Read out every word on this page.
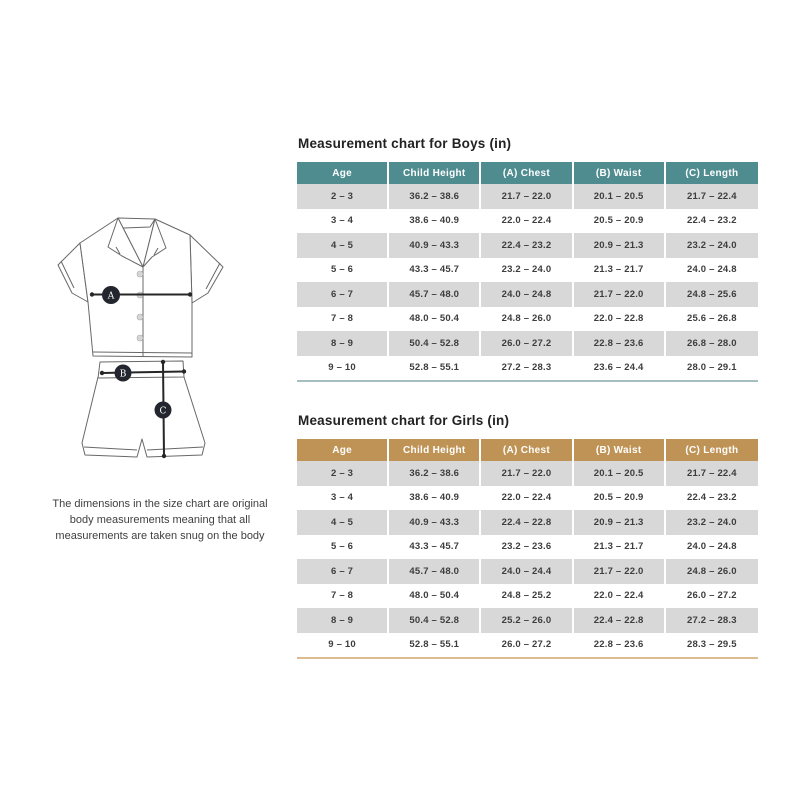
A
B
C
The dimensions in the size chart are original
body measurements meaning that all
measurements are taken snug on the body
Measurement chart for Boys (in)
Age	Child Height	(A) Chest	(B) Waist	(C) Length
2 – 3	36.2 – 38.6	21.7 – 22.0	20.1 – 20.5	21.7 – 22.4
3 – 4	38.6 – 40.9	22.0 – 22.4	20.5 – 20.9	22.4 – 23.2
4 – 5	40.9 – 43.3	22.4 – 23.2	20.9 – 21.3	23.2 – 24.0
5 – 6	43.3 – 45.7	23.2 – 24.0	21.3 – 21.7	24.0 – 24.8
6 – 7	45.7 – 48.0	24.0 – 24.8	21.7 – 22.0	24.8 – 25.6
7 – 8	48.0 – 50.4	24.8 – 26.0	22.0 – 22.8	25.6 – 26.8
8 – 9	50.4 – 52.8	26.0 – 27.2	22.8 – 23.6	26.8 – 28.0
9 – 10	52.8 – 55.1	27.2 – 28.3	23.6 – 24.4	28.0 – 29.1
Measurement chart for Girls (in)
Age	Child Height	(A) Chest	(B) Waist	(C) Length
2 – 3	36.2 – 38.6	21.7 – 22.0	20.1 – 20.5	21.7 – 22.4
3 – 4	38.6 – 40.9	22.0 – 22.4	20.5 – 20.9	22.4 – 23.2
4 – 5	40.9 – 43.3	22.4 – 22.8	20.9 – 21.3	23.2 – 24.0
5 – 6	43.3 – 45.7	23.2 – 23.6	21.3 – 21.7	24.0 – 24.8
6 – 7	45.7 – 48.0	24.0 – 24.4	21.7 – 22.0	24.8 – 26.0
7 – 8	48.0 – 50.4	24.8 – 25.2	22.0 – 22.4	26.0 – 27.2
8 – 9	50.4 – 52.8	25.2 – 26.0	22.4 – 22.8	27.2 – 28.3
9 – 10	52.8 – 55.1	26.0 – 27.2	22.8 – 23.6	28.3 – 29.5
